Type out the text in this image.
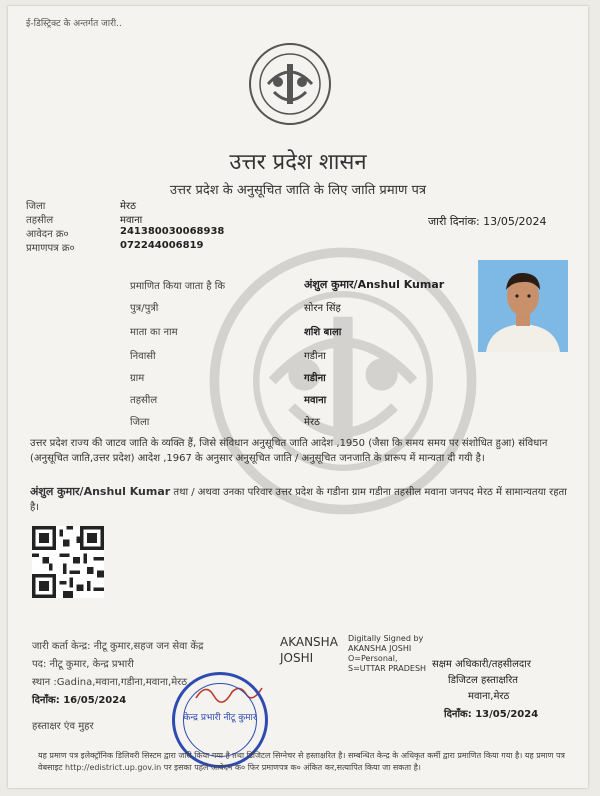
ई-डिस्ट्रिक्ट के अन्तर्गत जारी..
उत्तर प्रदेश शासन
उत्तर प्रदेश के अनुसूचित जाति के लिए जाति प्रमाण पत्र
जिला	मेरठ
तहसील	मवाना
आवेदन क्र०	241380030068938
प्रमाणपत्र क्र०	072244006819
जारी दिनांक: 13/05/2024
प्रमाणित किया जाता है कि	अंशुल कुमार/Anshul Kumar
पुत्र/पुत्री	सोरन सिंह
माता का नाम	शशि बाला
निवासी	गडीना
ग्राम	गडीना
तहसील	मवाना
जिला	मेरठ
उत्तर प्रदेश राज्य की जाटव जाति के व्यक्ति हैं, जिसे संविधान अनुसूचित जाति आदेश ,1950 (जैसा कि समय समय पर संशोधित हुआ) संविधान (अनुसूचित जाति,उत्तर प्रदेश) आदेश ,1967 के अनुसार अनुसूचित जाति / अनुसूचित जनजाति के प्रारूप में मान्यता दी गयी है।
अंशुल कुमार/Anshul Kumar तथा / अथवा उनका परिवार उत्तर प्रदेश के गडीना ग्राम गडीना तहसील मवाना जनपद मेरठ में सामान्यतया रहता है।
जारी कर्ता केन्द्र: नीटू कुमार,सहज जन सेवा केंद्र
पद: नीटू कुमार, केन्द्र प्रभारी
स्थान :Gadina,मवाना,गडीना,मवाना,मेरठ
दिनाँक: 16/05/2024
हस्ताक्षर एंव मुहर
केन्द्र प्रभारी नीटू कुमार
AKANSHA
JOSHI
Digitally Signed by AKANSHA JOSHI O=Personal, S=UTTAR PRADESH सक्षम अधिकारी/तहसीलदार
डिजिटल हस्ताक्षरित
मवाना,मेरठ
दिनाँक: 13/05/2024
यह प्रमाण पत्र इलेक्ट्रॉनिक डिलिवरी सिस्टम द्वारा जारी किया गया है तथा डिजिटल सिग्नेचर से हस्ताक्षरित है। सम्बन्धित केन्द्र के अधिकृत कर्मी द्वारा प्रमाणित किया गया है। यह प्रमाण पत्र वेबसाइट http://edistrict.up.gov.in पर इसका पहले आवेदन क० फिर प्रमाणपत्र क० अंकित कर,सत्यापित किया जा सकता है।
